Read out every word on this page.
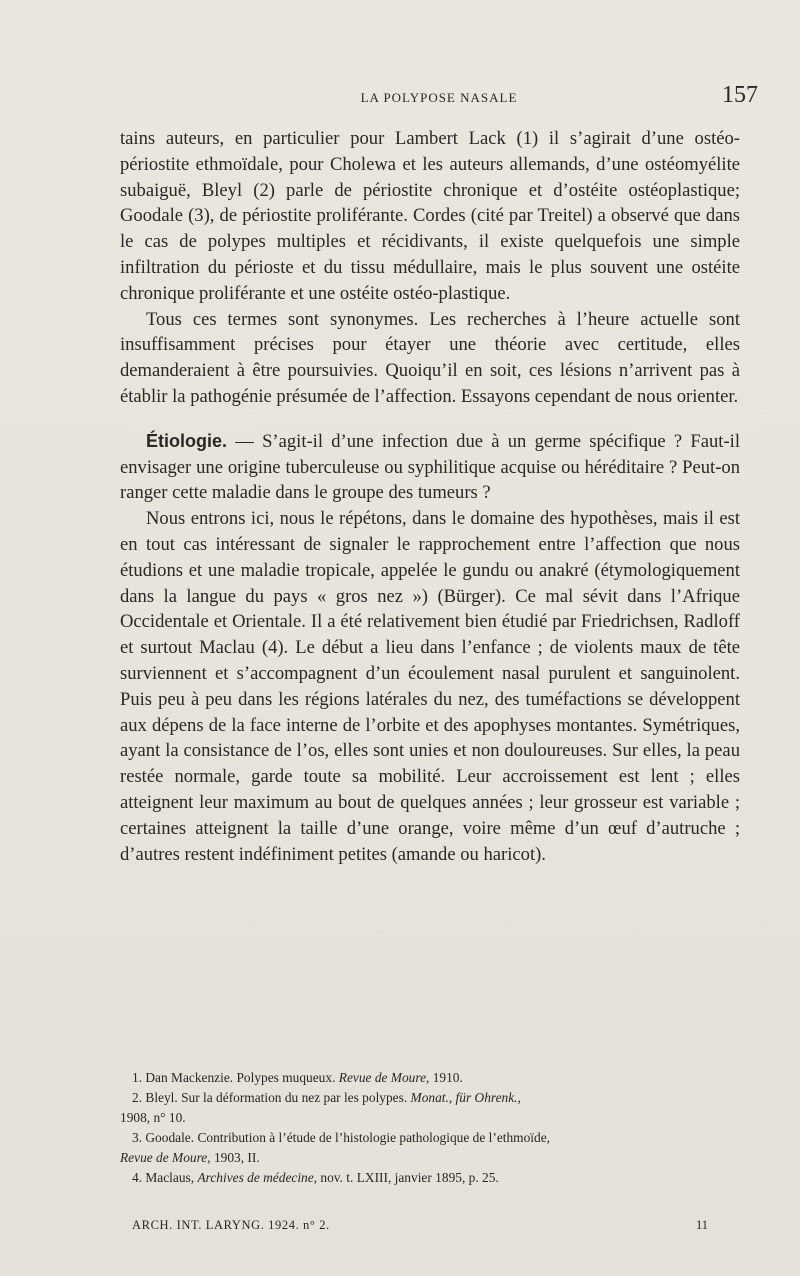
LA POLYPOSE NASALE	157

tains auteurs, en particulier pour Lambert Lack (1) il s’agirait d’une ostéo-périostite ethmoïdale, pour Cholewa et les auteurs allemands, d’une ostéomyélite subaiguë, Bleyl (2) parle de périostite chronique et d’ostéite ostéoplastique; Goodale (3), de périostite proliférante. Cordes (cité par Treitel) a observé que dans le cas de polypes multiples et récidivants, il existe quelquefois une simple infiltration du périoste et du tissu médullaire, mais le plus souvent une ostéite chronique proliférante et une ostéite ostéo-plastique.

Tous ces termes sont synonymes. Les recherches à l’heure actuelle sont insuffisamment précises pour étayer une théorie avec certitude, elles demanderaient à être poursuivies. Quoiqu’il en soit, ces lésions n’arrivent pas à établir la pathogénie présumée de l’affection. Essayons cependant de nous orienter.

Étiologie. — S’agit-il d’une infection due à un germe spécifique ? Faut-il envisager une origine tuberculeuse ou syphilitique acquise ou héréditaire ? Peut-on ranger cette maladie dans le groupe des tumeurs ?

Nous entrons ici, nous le répétons, dans le domaine des hypothèses, mais il est en tout cas intéressant de signaler le rapprochement entre l’affection que nous étudions et une maladie tropicale, appelée le gundu ou anakré (étymologiquement dans la langue du pays « gros nez ») (Bürger). Ce mal sévit dans l’Afrique Occidentale et Orientale. Il a été relativement bien étudié par Friedrichsen, Radloff et surtout Maclau (4). Le début a lieu dans l’enfance ; de violents maux de tête surviennent et s’accompagnent d’un écoulement nasal purulent et sanguinolent. Puis peu à peu dans les régions latérales du nez, des tuméfactions se développent aux dépens de la face interne de l’orbite et des apophyses montantes. Symétriques, ayant la consistance de l’os, elles sont unies et non douloureuses. Sur elles, la peau restée normale, garde toute sa mobilité. Leur accroissement est lent ; elles atteignent leur maximum au bout de quelques années ; leur grosseur est variable ; certaines atteignent la taille d’une orange, voire même d’un œuf d’autruche ; d’autres restent indéfiniment petites (amande ou haricot).

1. Dan Mackenzie. Polypes muqueux. Revue de Moure, 1910.
2. Bleyl. Sur la déformation du nez par les polypes. Monat., für Ohrenk.,
1908, n° 10.
3. Goodale. Contribution à l’étude de l’histologie pathologique de l’ethmoïde,
Revue de Moure, 1903, II.
4. Maclaus, Archives de médecine, nov. t. LXIII, janvier 1895, p. 25.
ARCH. INT. LARYNG. 1924. n° 2.	11
